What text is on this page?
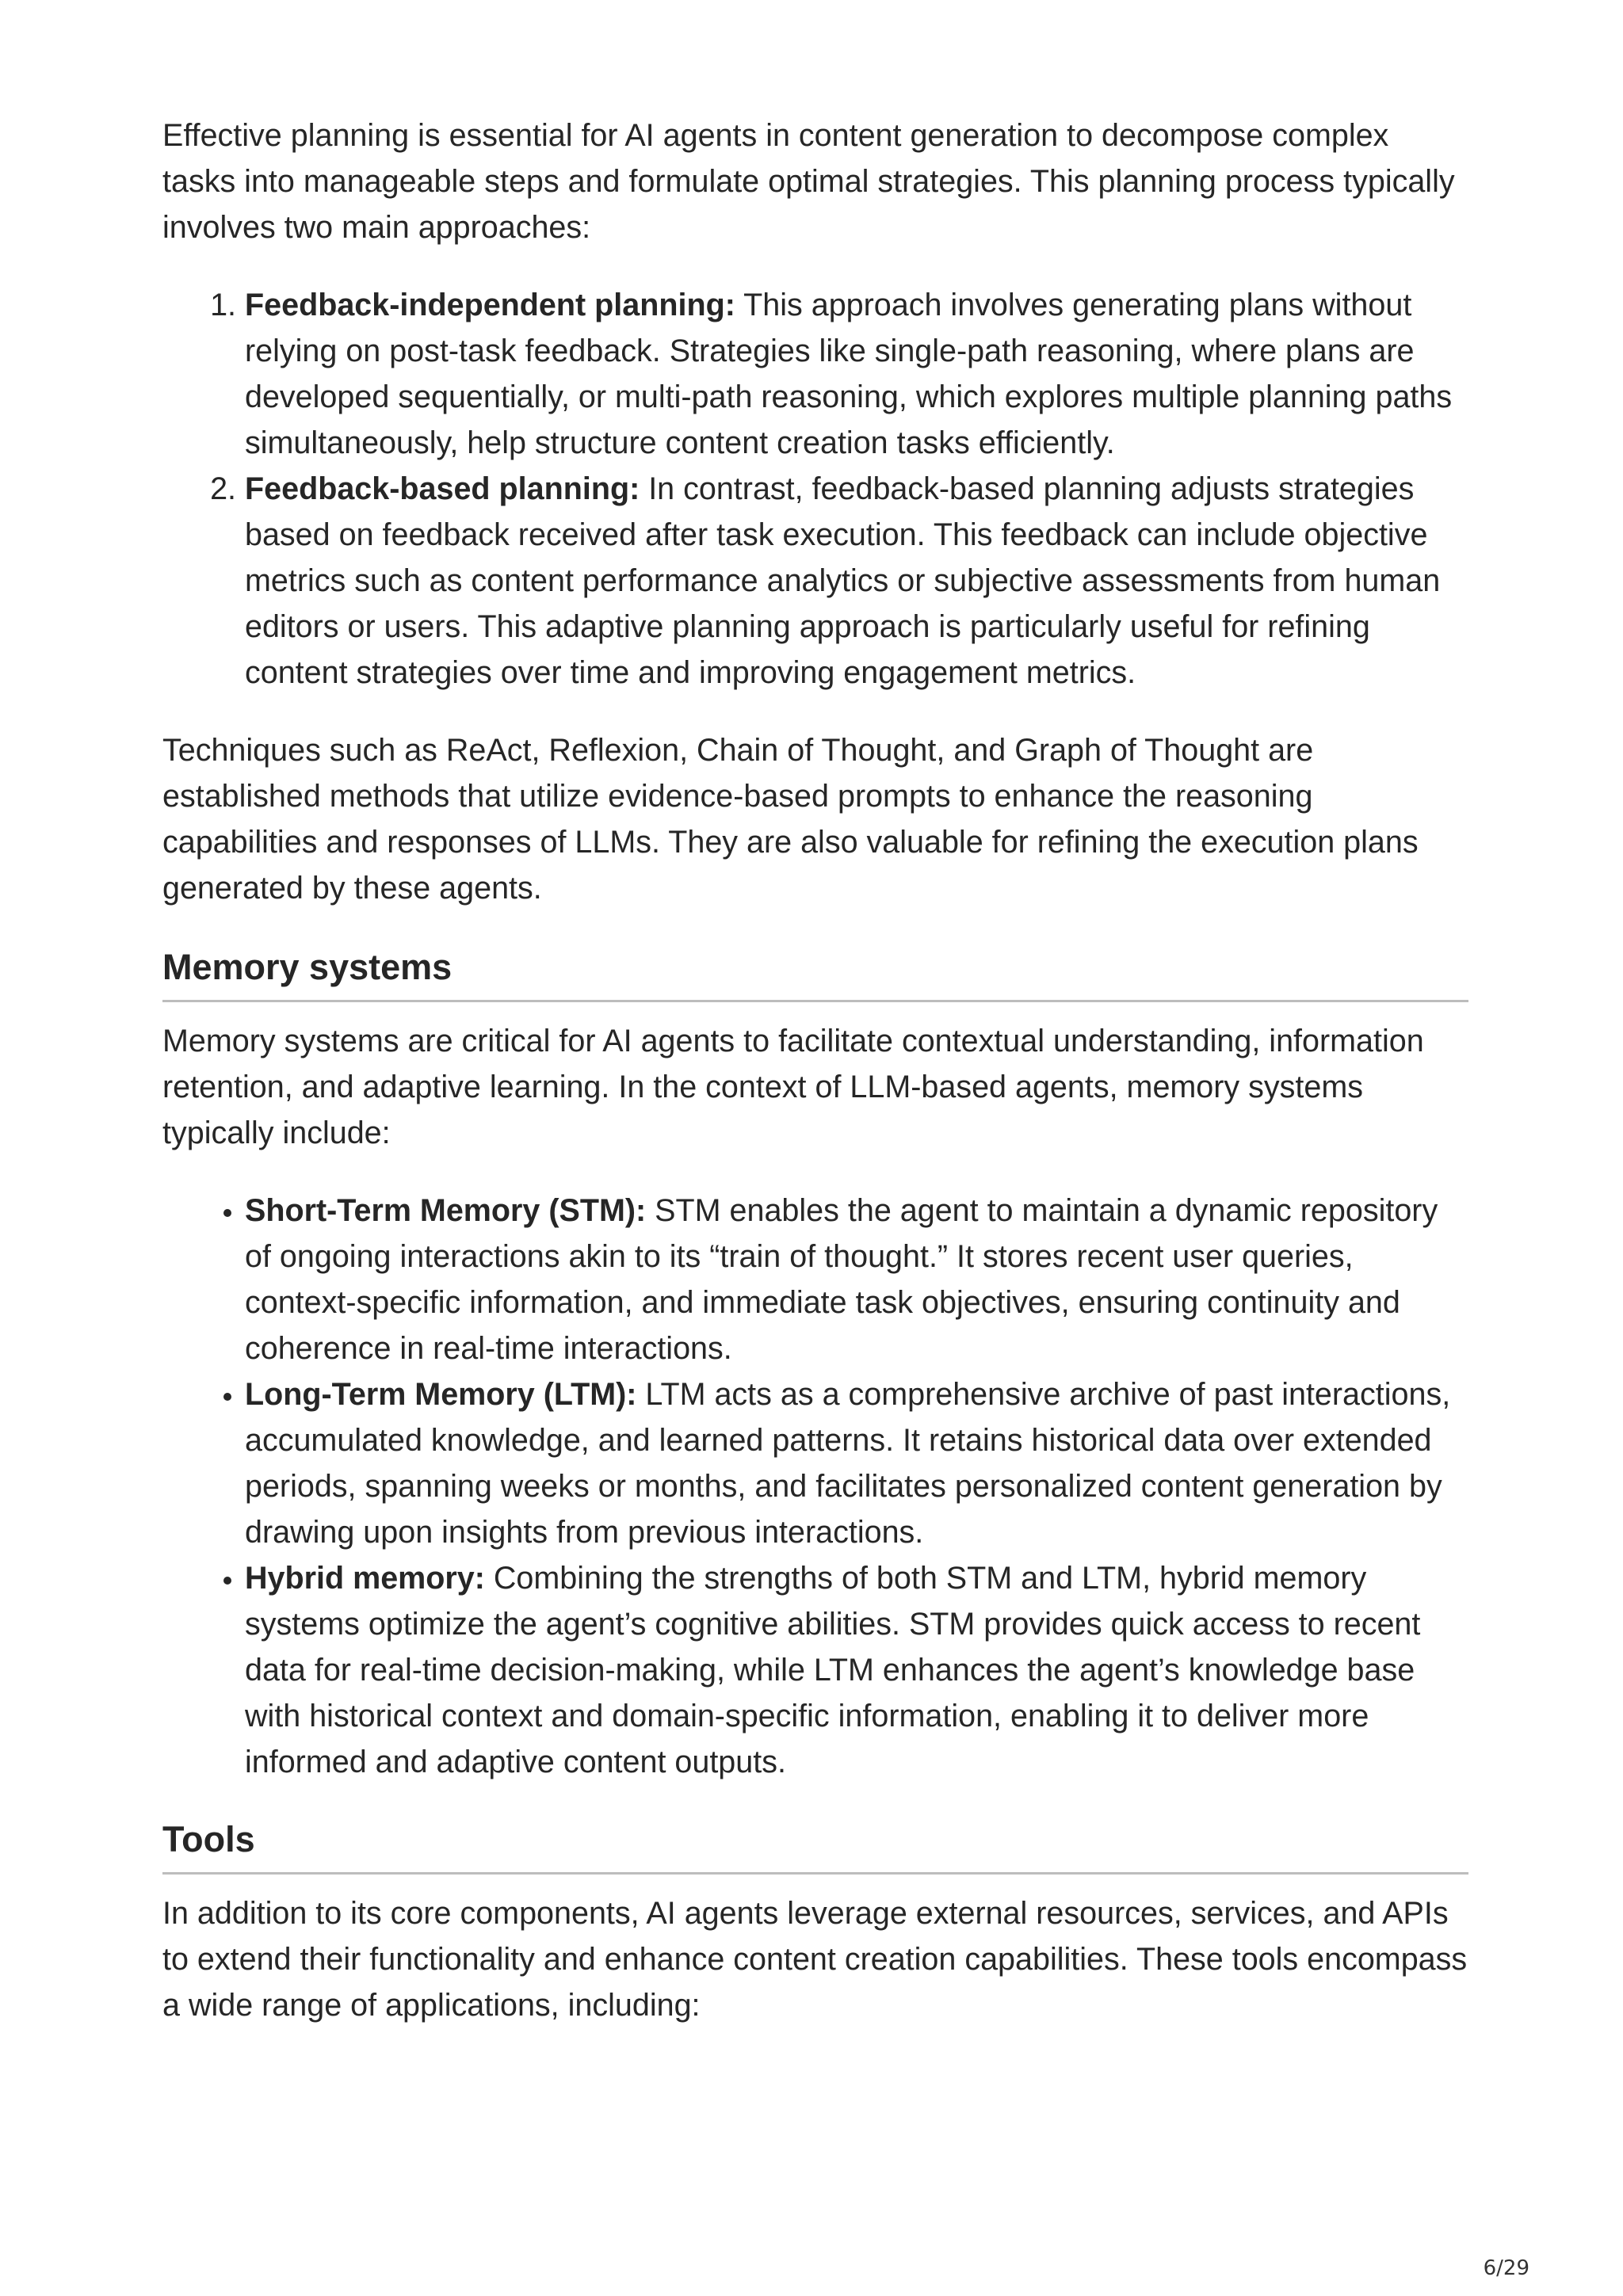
Effective planning is essential for AI agents in content generation to decompose complex tasks into manageable steps and formulate optimal strategies. This planning process typically involves two main approaches:

1. Feedback-independent planning: This approach involves generating plans without relying on post-task feedback. Strategies like single-path reasoning, where plans are developed sequentially, or multi-path reasoning, which explores multiple planning paths simultaneously, help structure content creation tasks efficiently.
2. Feedback-based planning: In contrast, feedback-based planning adjusts strategies based on feedback received after task execution. This feedback can include objective metrics such as content performance analytics or subjective assessments from human editors or users. This adaptive planning approach is particularly useful for refining content strategies over time and improving engagement metrics.

Techniques such as ReAct, Reflexion, Chain of Thought, and Graph of Thought are established methods that utilize evidence-based prompts to enhance the reasoning capabilities and responses of LLMs. They are also valuable for refining the execution plans generated by these agents.

Memory systems

Memory systems are critical for AI agents to facilitate contextual understanding, information retention, and adaptive learning. In the context of LLM-based agents, memory systems typically include:

• Short-Term Memory (STM): STM enables the agent to maintain a dynamic repository of ongoing interactions akin to its “train of thought.” It stores recent user queries, context-specific information, and immediate task objectives, ensuring continuity and coherence in real-time interactions.
• Long-Term Memory (LTM): LTM acts as a comprehensive archive of past interactions, accumulated knowledge, and learned patterns. It retains historical data over extended periods, spanning weeks or months, and facilitates personalized content generation by drawing upon insights from previous interactions.
• Hybrid memory: Combining the strengths of both STM and LTM, hybrid memory systems optimize the agent’s cognitive abilities. STM provides quick access to recent data for real-time decision-making, while LTM enhances the agent’s knowledge base with historical context and domain-specific information, enabling it to deliver more informed and adaptive content outputs.
Tools

In addition to its core components, AI agents leverage external resources, services, and APIs to extend their functionality and enhance content creation capabilities. These tools encompass a wide range of applications, including:

6/29
